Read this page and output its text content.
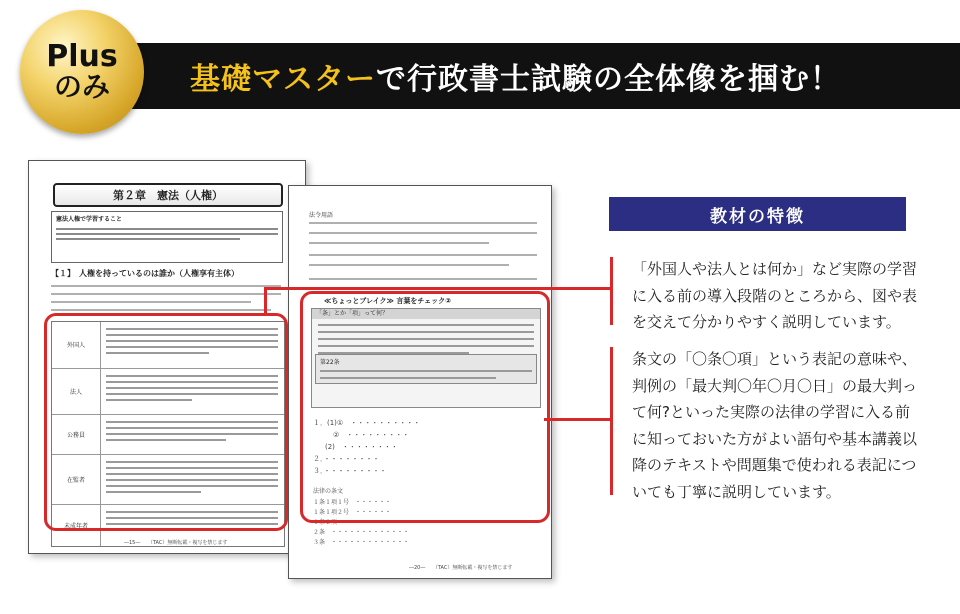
基礎マスターで行政書士試験の全体像を掴む！
Plus
のみ
第２章　憲法（人権）
憲法人権で学習すること
【１】　人権を持っているのは誰か（人権享有主体）
外国人
法人
公務員
在監者
未成年者
―15―　　（TAC）無断転載・複写を禁じます
法令用語
≪ちょっとブレイク≫ 言葉をチェック②
「条」とか「項」って何？
第22条
１．(1)①　・・・・・・・・・・
②　・・・・・・・・・
(2)　・・・・・・・・
２．・・・・・・・・
３．・・・・・・・・・
法律の条文
１条１項１号　・・・・・・
１条１項２号　・・・・・・
１条２項　・・・・・・・・
２条　・・・・・・・・・・・・・
３条　・・・・・・・・・・・・・
―20―　　（TAC）無断転載・複写を禁じます
教材の特徴
「外国人や法人とは何か」など実際の学習に入る前の導入段階のところから、図や表を交えて分かりやすく説明しています。
条文の「〇条〇項」という表記の意味や、判例の「最大判〇年〇月〇日」の最大判って何?といった実際の法律の学習に入る前に知っておいた方がよい語句や基本講義以降のテキストや問題集で使われる表記についても丁寧に説明しています。
